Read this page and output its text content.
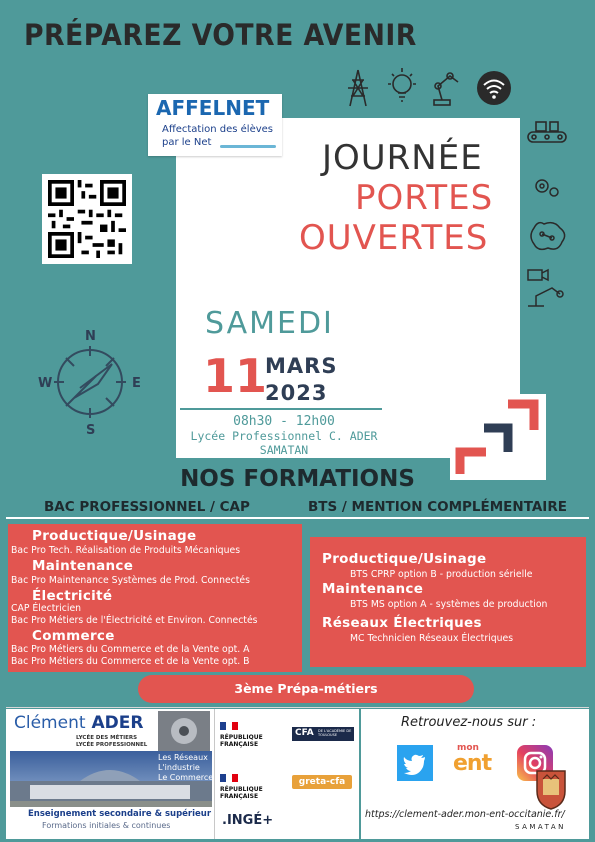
PRÉPAREZ VOTRE AVENIR
AFFELNET
Affectation des élèves
par le Net	JOURNÉE
PORTES
OUVERTES
SAMEDI
11
MARS
2023
08h30 - 12h00
Lycée Professionnel C. ADER
SAMATAN
N
W	E
S
NOS FORMATIONS
BAC PROFESSIONNEL / CAP	BTS / MENTION COMPLÉMENTAIRE
Productique/Usinage
Bac Pro Tech. Réalisation de Produits Mécaniques
Maintenance
Bac Pro Maintenance Systèmes de Prod. Connectés
Électricité
CAP Électricien
Bac Pro Métiers de l'Électricité et Environ. Connectés
Commerce
Bac Pro Métiers du Commerce et de la Vente opt. A
Bac Pro Métiers du Commerce et de la Vente opt. B
Productique/Usinage
BTS CPRP option B - production sérielle
Maintenance
BTS MS option A - systèmes de production
Réseaux Électriques
MC Technicien Réseaux Électriques
3ème Prépa-métiers
Clément ADER
LYCÉE DES MÉTIERS
LYCÉE PROFESSIONNEL
Les Réseaux
L'industrie
Le Commerce
Enseignement secondaire & supérieur
Formations initiales & continues
RÉPUBLIQUE
FRANÇAISE
RÉPUBLIQUE
FRANÇAISE
CFA DE L'ACADÉMIE DE TOULOUSE
greta-cfa
.INGÉ+
Retrouvez-nous sur :
mon
ent
https://clement-ader.mon-ent-occitanie.fr/
SAMATAN
